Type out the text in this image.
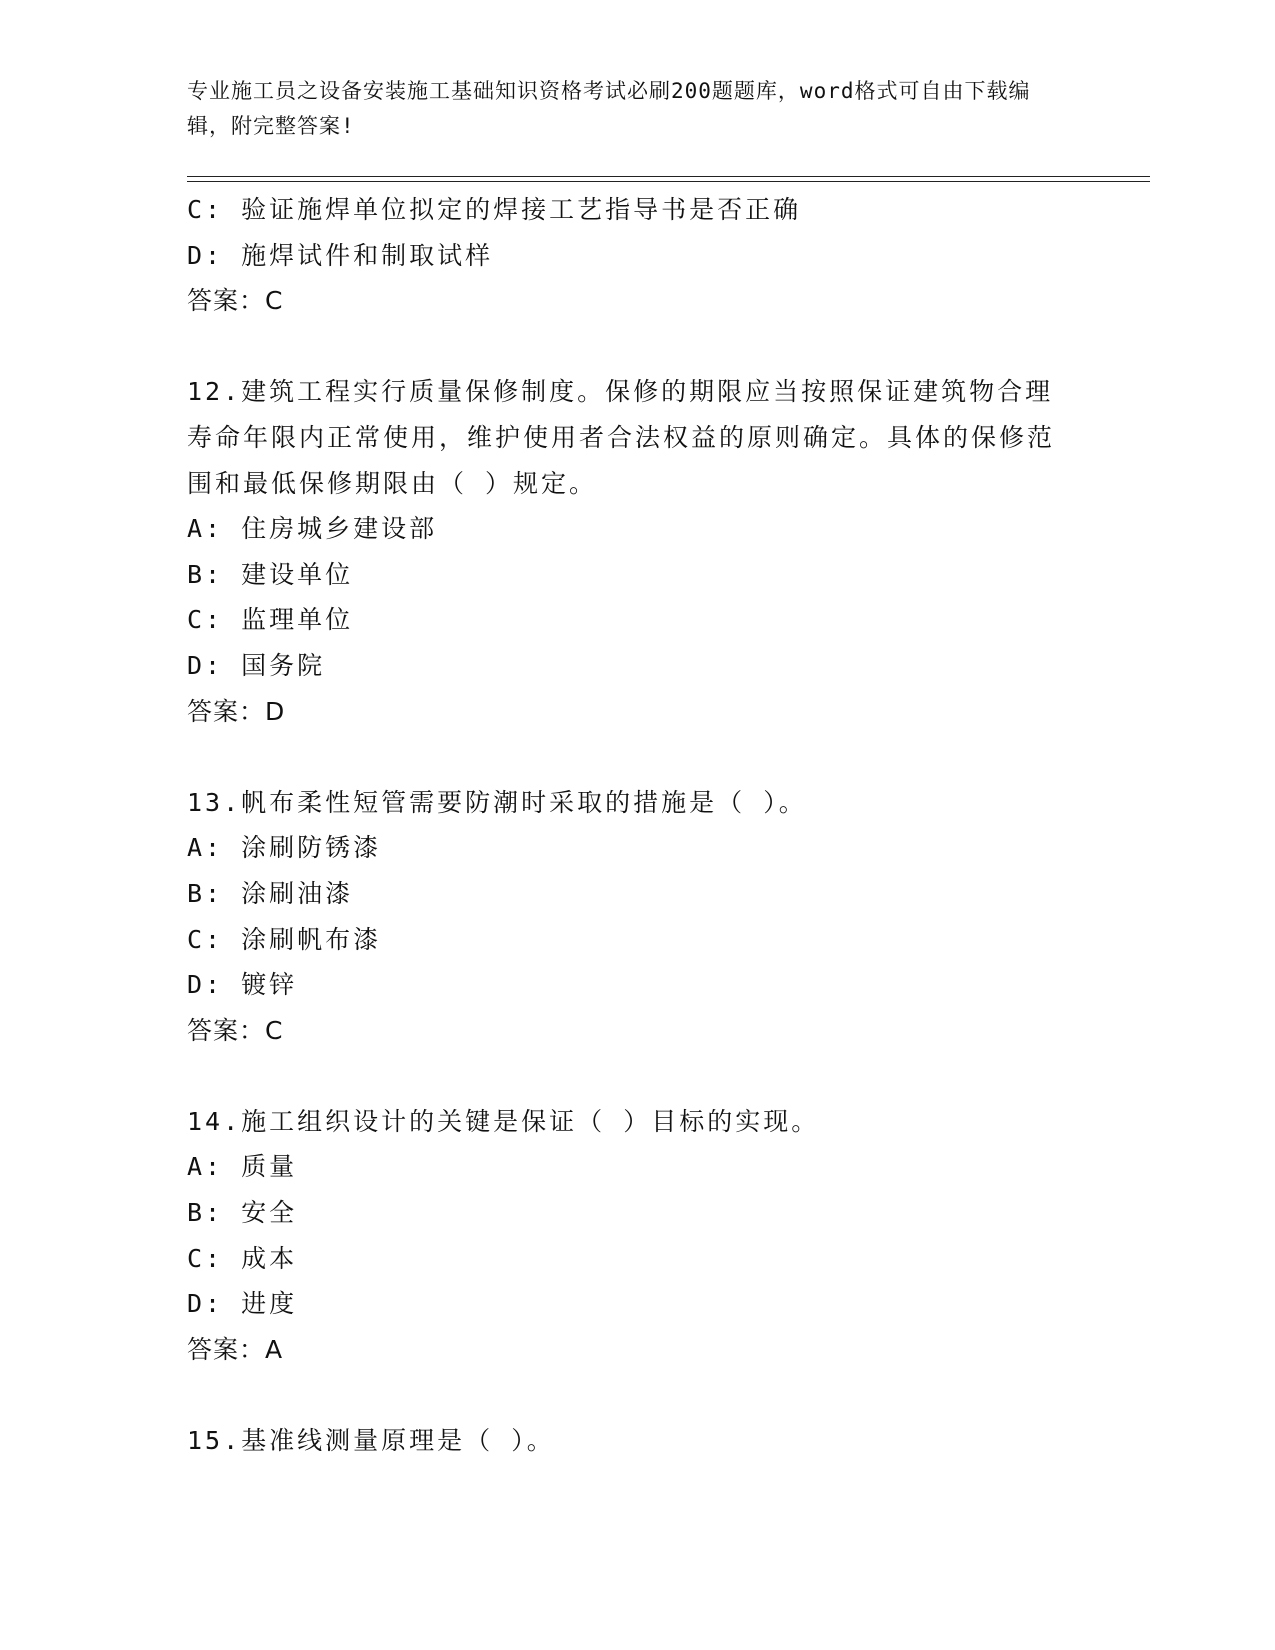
专业施工员之设备安装施工基础知识资格考试必刷200题题库，word格式可自由下载编辑，附完整答案!
C: 验证施焊单位拟定的焊接工艺指导书是否正确
D: 施焊试件和制取试样
答案：C
12.建筑工程实行质量保修制度。保修的期限应当按照保证建筑物合理寿命年限内正常使用，维护使用者合法权益的原则确定。具体的保修范围和最低保修期限由（ ）规定。
A: 住房城乡建设部
B: 建设单位
C: 监理单位
D: 国务院
答案：D
13.帆布柔性短管需要防潮时采取的措施是（ ）。
A: 涂刷防锈漆
B: 涂刷油漆
C: 涂刷帆布漆
D: 镀锌
答案：C
14.施工组织设计的关键是保证（ ）目标的实现。
A: 质量
B: 安全
C: 成本
D: 进度
答案：A
15.基准线测量原理是（ ）。
